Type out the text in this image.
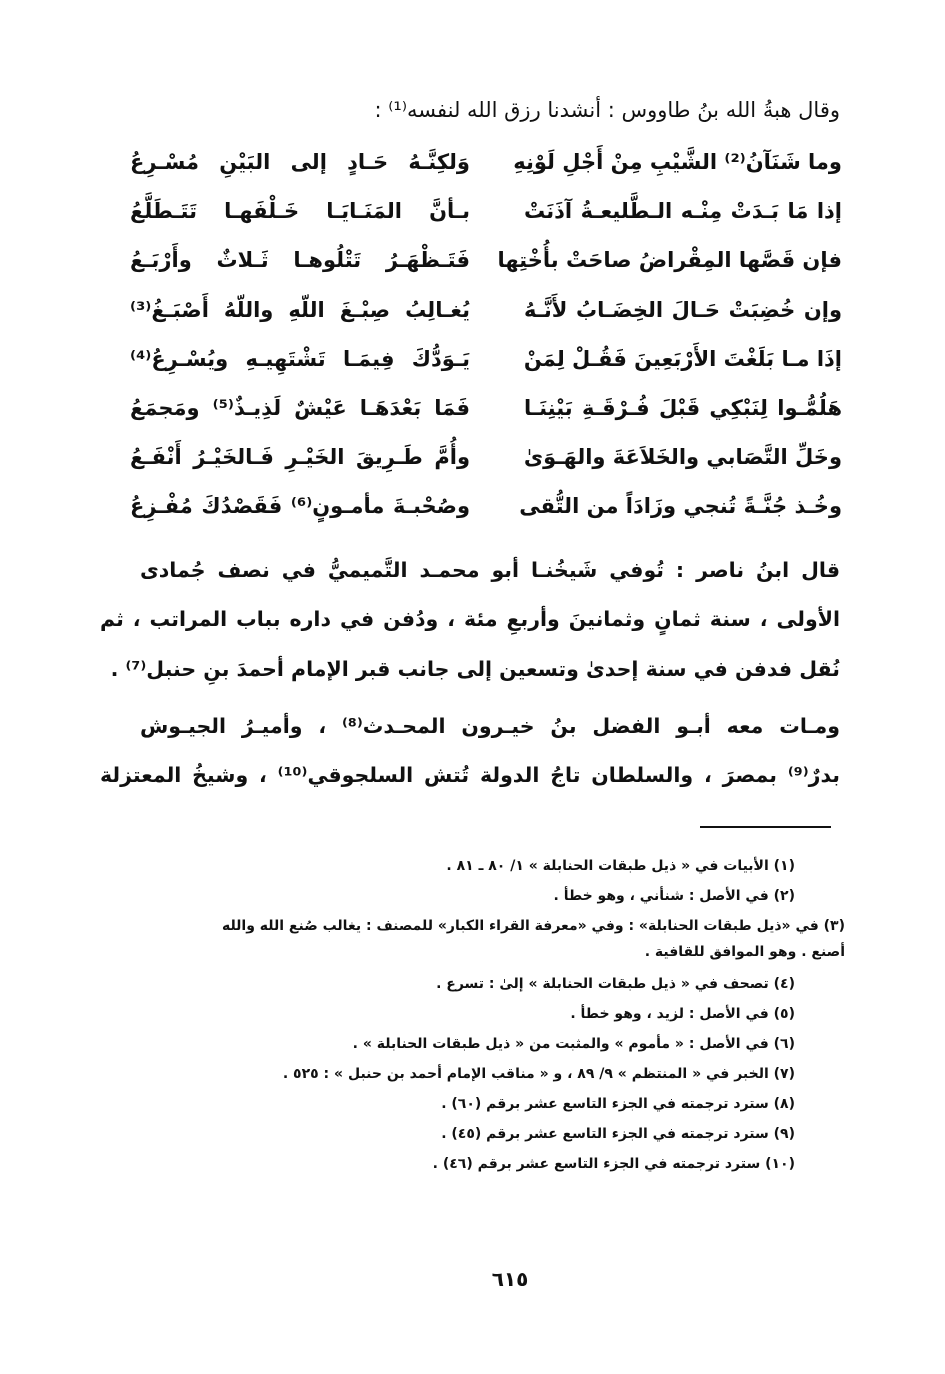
وقال هبةُ الله بنُ طاووس : أنشدنا رزق الله لنفسه⁽¹⁾ :
وما شَنَآنُ⁽²⁾ الشَّيْبِ مِنْ أَجْلِ لَوْنِهِ
وَلكِنَّـهُ حَـادٍ إلى البَيْنِ مُسْـرِعُ
إذا مَا بَـدَتْ مِنْـه الـطَّليعـةُ آذَنَتْ
بـأنَّ المَنَـايَـا خَـلْفَهـا تَتَـطَلَّعُ
فإن قَصَّها المِقْراضُ صاحَتْ بأُخْتِها
فَتَـظْهَـرُ تَتْلُوهـا ثَـلاثٌ وأَرْبَـعُ
وإن خُضِبَتْ حَـالَ الخِضَـابُ لأَنَّـهُ
يُغـالِبُ صِبْـغَ اللّهِ واللّهُ أَصْبَـغُ⁽³⁾
إذَا مـا بَلَغْتَ الأَرْبَعِينَ فَقُـلْ لِمَنْ
يَـوَدُّكَ فِيمَـا تَشْتَهِيـهِ ويُسْـرِعُ⁽⁴⁾
هَلُمُّـوا لِنَبْكِي قَبْلَ فُـرْقَـةِ بَيْنِنَـا
فَمَا بَعْدَهَـا عَيْشٌ لَذِيـذٌ⁽⁵⁾ ومَجمَعُ
وخَلِّ التَّصَابي والخَلاَعَةَ والهَـوَىٰ
وأُمَّ طَـرِيقَ الخَيْـرِ فَـالخَيْـرُ أَنْفَـعُ
وخُـذ جُنَّـةً تُنجي وزَادَاً من التُّقى
وصُحْبـةَ مأمـونٍ⁽⁶⁾ فَقَصْدُكَ مُفْـزِعُ
قال ابنُ ناصر : تُوفي شَيخُنـا أبو محمـد التَّميميُّ في نصف جُمادى
الأولى ، سنة ثمانٍ وثمانينَ وأربعِ مئة ، ودُفن في داره بباب المراتب ، ثم
نُقل فدفن في سنة إحدىٰ وتسعين إلى جانب قبر الإمام أحمدَ بنِ حنبل⁽⁷⁾ .
ومـات معه أبـو الفضل بنُ خيـرون المحـدث⁽⁸⁾ ، وأميـرُ الجيـوش
بدرٌ⁽⁹⁾ بمصرَ ، والسلطان تاجُ الدولة تُتش السلجوقي⁽¹⁰⁾ ، وشيخُ المعتزلة
(١) الأبيات في « ذيل طبقات الحنابلة » ١/ ٨٠ ـ ٨١ .
(٢) في الأصل : شنأني ، وهو خطأ .
(٣) في «ذيل طبقات الحنابلة» : وفي «معرفة القراء الكبار» للمصنف : يغالب صُنع الله والله
أصنع . وهو الموافق للقافية .
(٤) تصحف في « ذيل طبقات الحنابلة » إلىٰ : تسرع .
(٥) في الأصل : لزيد ، وهو خطأ .
(٦) في الأصل : « مأموم » والمثبت من « ذيل طبقات الحنابلة » .
(٧) الخبر في « المنتظم » ٩/ ٨٩ ، و « مناقب الإمام أحمد بن حنبل » : ٥٢٥ .
(٨) سترد ترجمته في الجزء التاسع عشر برقم (٦٠) .
(٩) سترد ترجمته في الجزء التاسع عشر برقم (٤٥) .
(١٠) سترد ترجمته في الجزء التاسع عشر برقم (٤٦) .
٦١٥
